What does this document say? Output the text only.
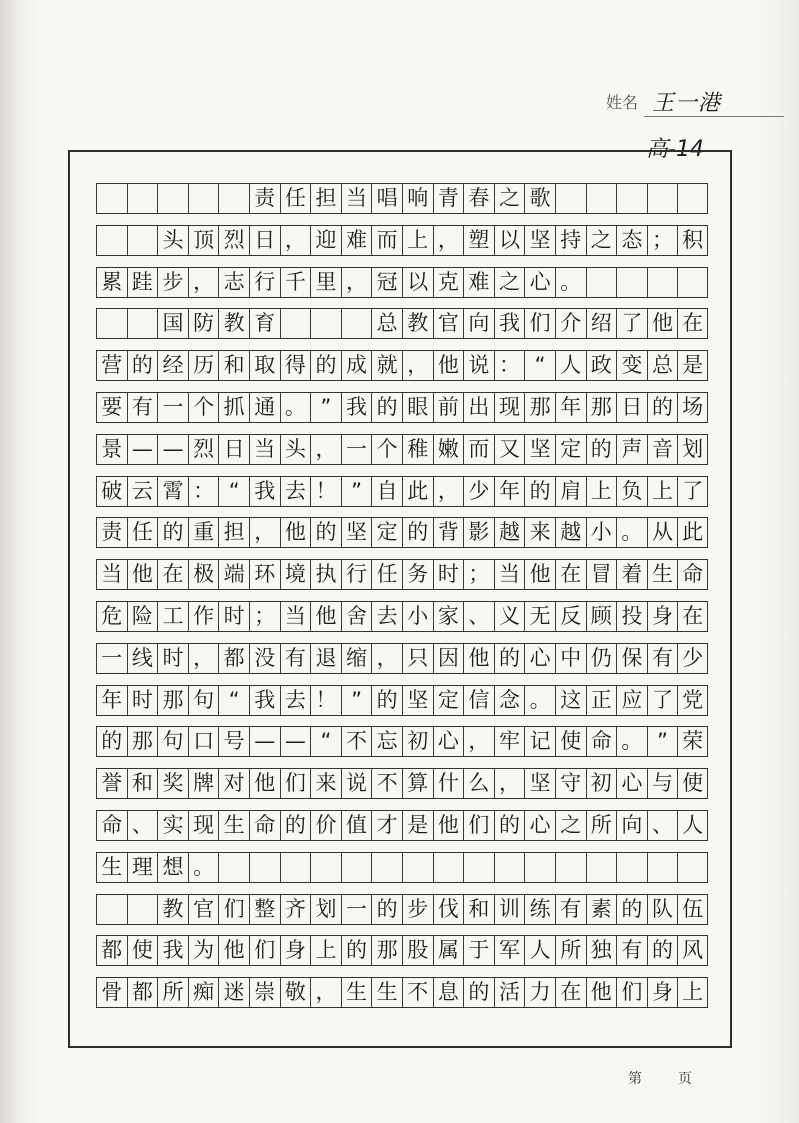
姓名 王一港
高-14
责 任 担 当 唱 响 青 春 之 歌
头 顶 烈 日 ， 迎 难 而 上 ， 塑 以 坚 持 之 态 ； 积
累 跬 步 ， 志 行 千 里 ， 冠 以 克 难 之 心 。
国 防 教 育	总 教 官 向 我 们 介 绍 了 他 在
营 的 经 历 和 取 得 的 成 就 ， 他 说 ： “ 人 政 变 总 是
要 有 一 个 抓 通 。 ” 我 的 眼 前 出 现 那 年 那 日 的 场
景 — — 烈 日 当 头 ， 一 个 稚 嫩 而 又 坚 定 的 声 音 划
破 云 霄 ： “ 我 去 ！ ” 自 此 ， 少 年 的 肩 上 负 上 了
责 任 的 重 担 ， 他 的 坚 定 的 背 影 越 来 越 小 。 从 此
当 他 在 极 端 环 境 执 行 任 务 时 ； 当 他 在 冒 着 生 命
危 险 工 作 时 ； 当 他 舍 去 小 家 、 义 无 反 顾 投 身 在
一 线 时 ， 都 没 有 退 缩 ， 只 因 他 的 心 中 仍 保 有 少
年 时 那 句 “ 我 去 ！ ” 的 坚 定 信 念 。 这 正 应 了 党
的 那 句 口 号 — — “ 不 忘 初 心 ， 牢 记 使 命 。 ” 荣
誉 和 奖 牌 对 他 们 来 说 不 算 什 么 ， 坚 守 初 心 与 使
命 、 实 现 生 命 的 价 值 才 是 他 们 的 心 之 所 向 、 人
生 理 想 。
教 官 们 整 齐 划 一 的 步 伐 和 训 练 有 素 的 队 伍
都 使 我 为 他 们 身 上 的 那 股 属 于 军 人 所 独 有 的 风
骨 都 所 痴 迷 崇 敬 ， 生 生 不 息 的 活 力 在 他 们 身 上
第	页
